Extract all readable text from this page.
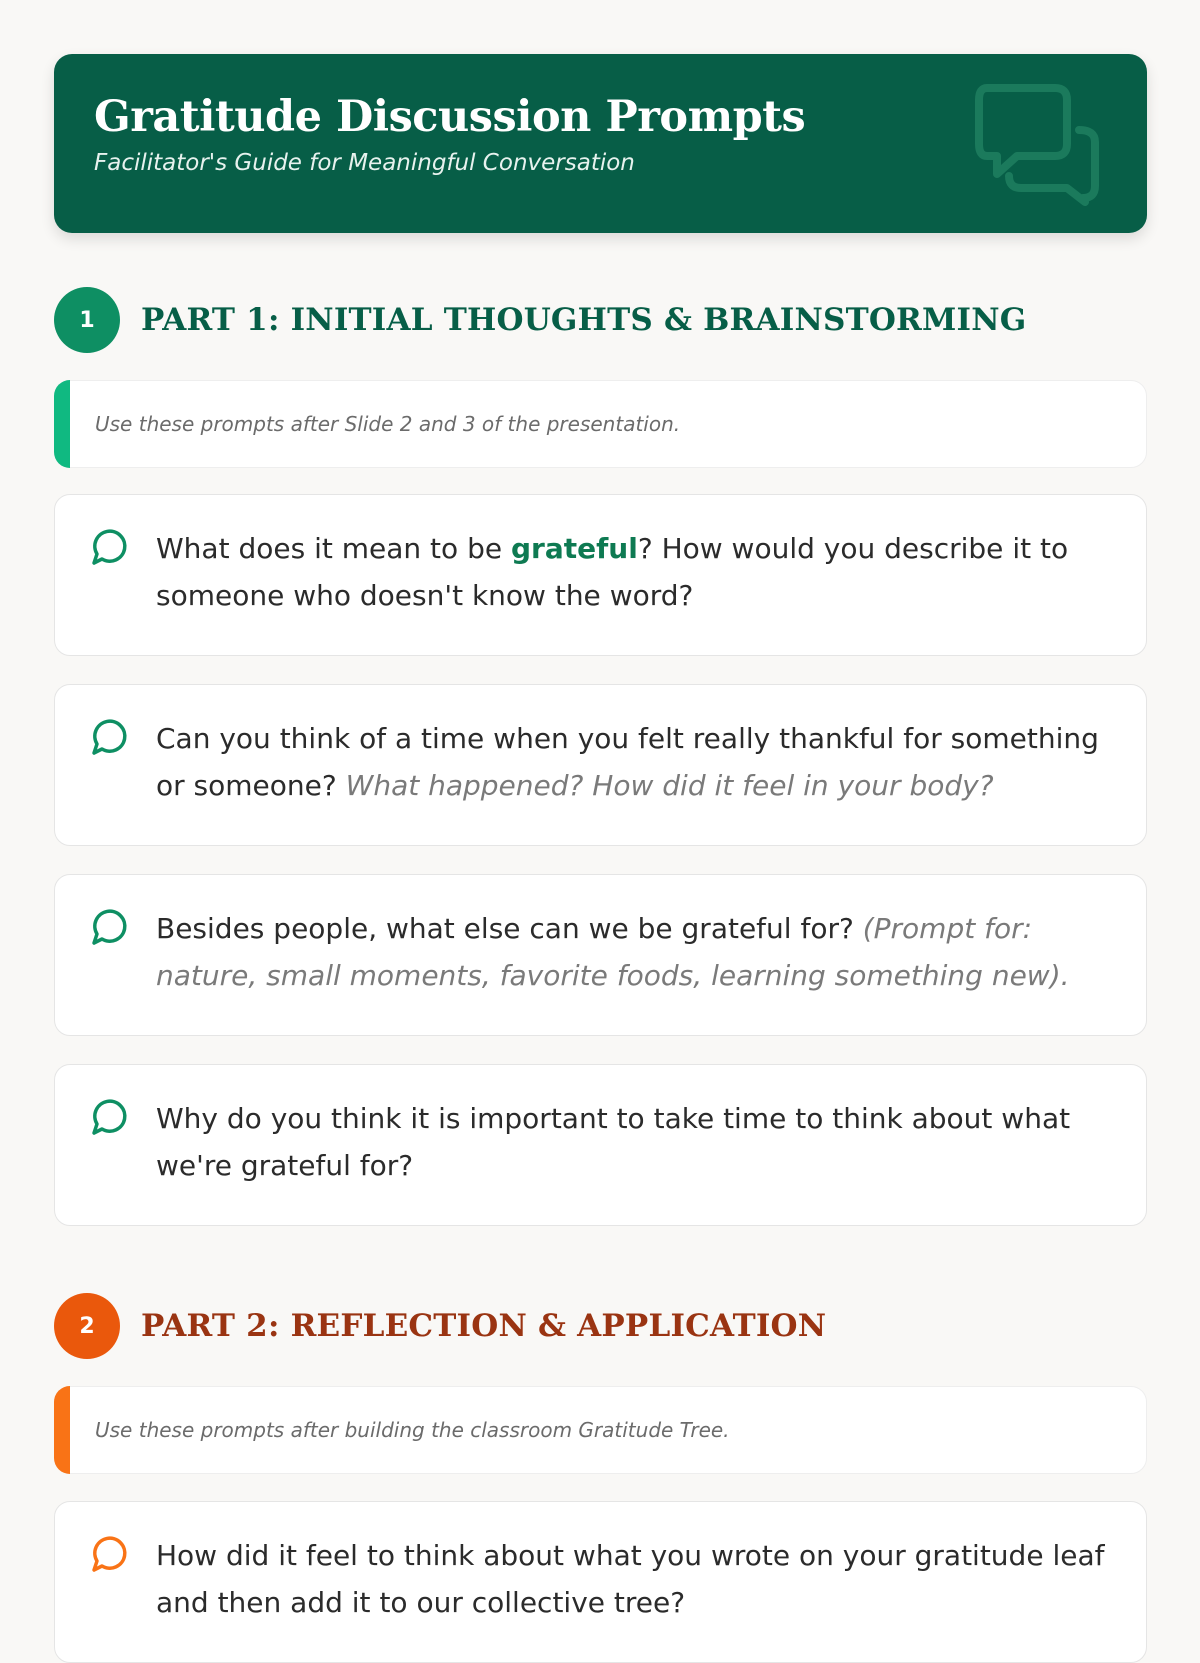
Gratitude Discussion Prompts
Facilitator's Guide for Meaningful Conversation
1	PART 1: INITIAL THOUGHTS & BRAINSTORMING
Use these prompts after Slide 2 and 3 of the presentation.
What does it mean to be grateful? How would you describe it to someone who doesn't know the word?
Can you think of a time when you felt really thankful for something or someone? What happened? How did it feel in your body?
Besides people, what else can we be grateful for? (Prompt for: nature, small moments, favorite foods, learning something new).
Why do you think it is important to take time to think about what we're grateful for?
2	PART 2: REFLECTION & APPLICATION
Use these prompts after building the classroom Gratitude Tree.
How did it feel to think about what you wrote on your gratitude leaf and then add it to our collective tree?
